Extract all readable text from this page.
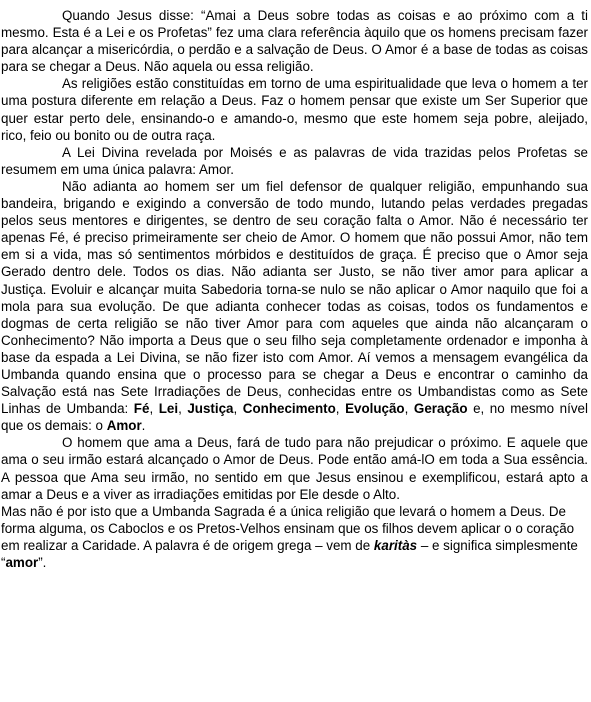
Quando Jesus disse: “Amai a Deus sobre todas as coisas e ao próximo com a ti mesmo. Esta é a Lei e os Profetas” fez uma clara referência àquilo que os homens precisam fazer para alcançar a misericórdia, o perdão e a salvação de Deus. O Amor é a base de todas as coisas para se chegar a Deus. Não aquela ou essa religião.

As religiões estão constituídas em torno de uma espiritualidade que leva o homem a ter uma postura diferente em relação a Deus. Faz o homem pensar que existe um Ser Superior que quer estar perto dele, ensinando-o e amando-o, mesmo que este homem seja pobre, aleijado, rico, feio ou bonito ou de outra raça.

A Lei Divina revelada por Moisés e as palavras de vida trazidas pelos Profetas se resumem em uma única palavra: Amor.

Não adianta ao homem ser um fiel defensor de qualquer religião, empunhando sua bandeira, brigando e exigindo a conversão de todo mundo, lutando pelas verdades pregadas pelos seus mentores e dirigentes, se dentro de seu coração falta o Amor. Não é necessário ter apenas Fé, é preciso primeiramente ser cheio de Amor. O homem que não possui Amor, não tem em si a vida, mas só sentimentos mórbidos e destituídos de graça. É preciso que o Amor seja Gerado dentro dele. Todos os dias. Não adianta ser Justo, se não tiver amor para aplicar a Justiça. Evoluir e alcançar muita Sabedoria torna-se nulo se não aplicar o Amor naquilo que foi a mola para sua evolução. De que adianta conhecer todas as coisas, todos os fundamentos e dogmas de certa religião se não tiver Amor para com aqueles que ainda não alcançaram o Conhecimento? Não importa a Deus que o seu filho seja completamente ordenador e imponha à base da espada a Lei Divina, se não fizer isto com Amor. Aí vemos a mensagem evangélica da Umbanda quando ensina que o processo para se chegar a Deus e encontrar o caminho da Salvação está nas Sete Irradiações de Deus, conhecidas entre os Umbandistas como as Sete Linhas de Umbanda: Fé, Lei, Justiça, Conhecimento, Evolução, Geração e, no mesmo nível que os demais: o Amor.

O homem que ama a Deus, fará de tudo para não prejudicar o próximo. E aquele que ama o seu irmão estará alcançado o Amor de Deus. Pode então amá-lO em toda a Sua essência. A pessoa que Ama seu irmão, no sentido em que Jesus ensinou e exemplificou, estará apto a amar a Deus e a viver as irradiações emitidas por Ele desde o Alto.

Mas não é por isto que a Umbanda Sagrada é a única religião que levará o homem a Deus. De forma alguma, os Caboclos e os Pretos-Velhos ensinam que os filhos devem aplicar o o coração em realizar a Caridade. A palavra é de origem grega – vem de karitàs – e significa simplesmente “amor”.
